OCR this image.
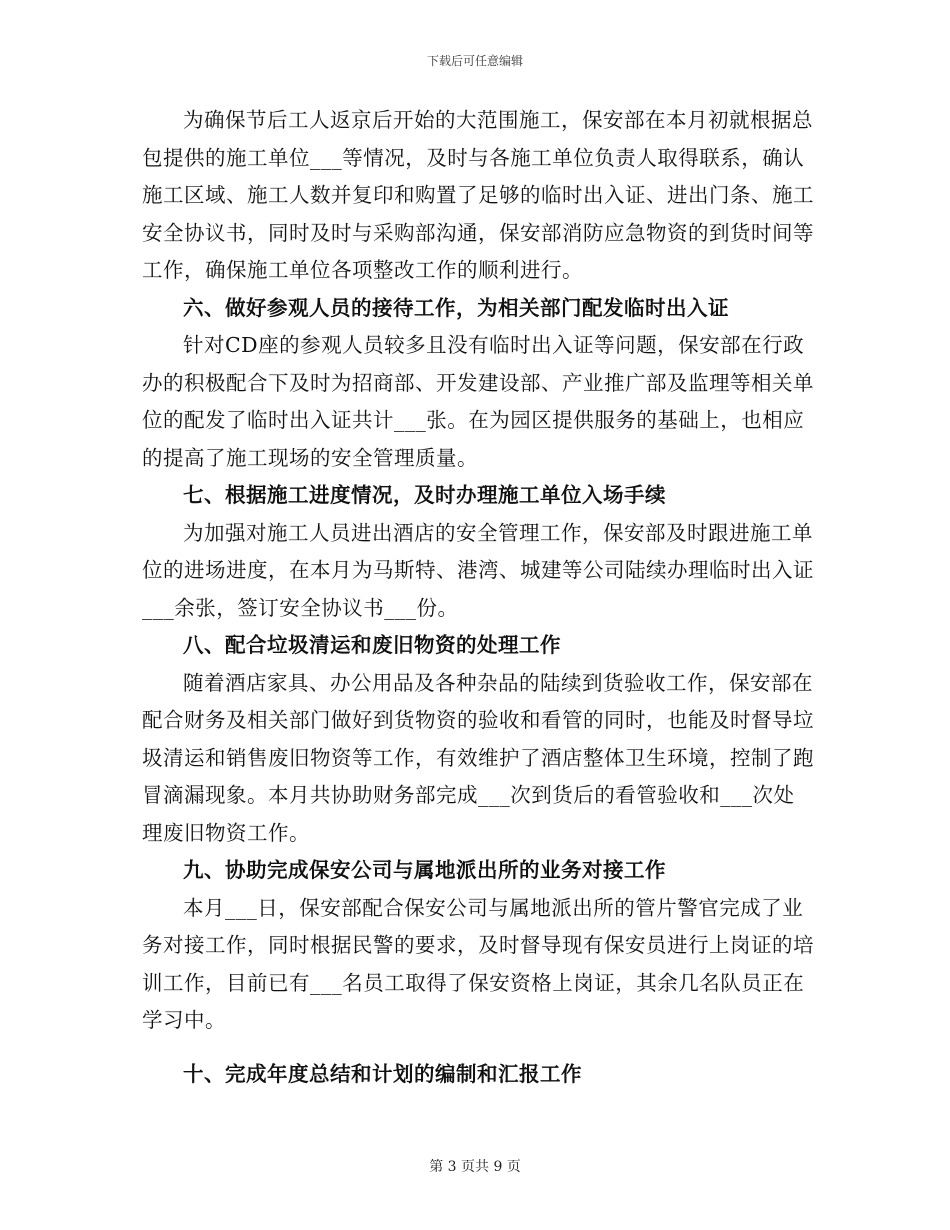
下载后可任意编辑

为确保节后工人返京后开始的大范围施工，保安部在本月初就根据总包提供的施工单位___等情况，及时与各施工单位负责人取得联系，确认施工区域、施工人数并复印和购置了足够的临时出入证、进出门条、施工安全协议书，同时及时与采购部沟通，保安部消防应急物资的到货时间等工作，确保施工单位各项整改工作的顺利进行。

六、做好参观人员的接待工作，为相关部门配发临时出入证

针对CD座的参观人员较多且没有临时出入证等问题，保安部在行政办的积极配合下及时为招商部、开发建设部、产业推广部及监理等相关单位的配发了临时出入证共计___张。在为园区提供服务的基础上，也相应的提高了施工现场的安全管理质量。

七、根据施工进度情况，及时办理施工单位入场手续

为加强对施工人员进出酒店的安全管理工作，保安部及时跟进施工单位的进场进度，在本月为马斯特、港湾、城建等公司陆续办理临时出入证___余张，签订安全协议书___份。

八、配合垃圾清运和废旧物资的处理工作

随着酒店家具、办公用品及各种杂品的陆续到货验收工作，保安部在配合财务及相关部门做好到货物资的验收和看管的同时，也能及时督导垃圾清运和销售废旧物资等工作，有效维护了酒店整体卫生环境，控制了跑冒滴漏现象。本月共协助财务部完成___次到货后的看管验收和___次处理废旧物资工作。

九、协助完成保安公司与属地派出所的业务对接工作

本月___日，保安部配合保安公司与属地派出所的管片警官完成了业务对接工作，同时根据民警的要求，及时督导现有保安员进行上岗证的培训工作，目前已有___名员工取得了保安资格上岗证，其余几名队员正在学习中。

十、完成年度总结和计划的编制和汇报工作

第 3 页共 9 页
